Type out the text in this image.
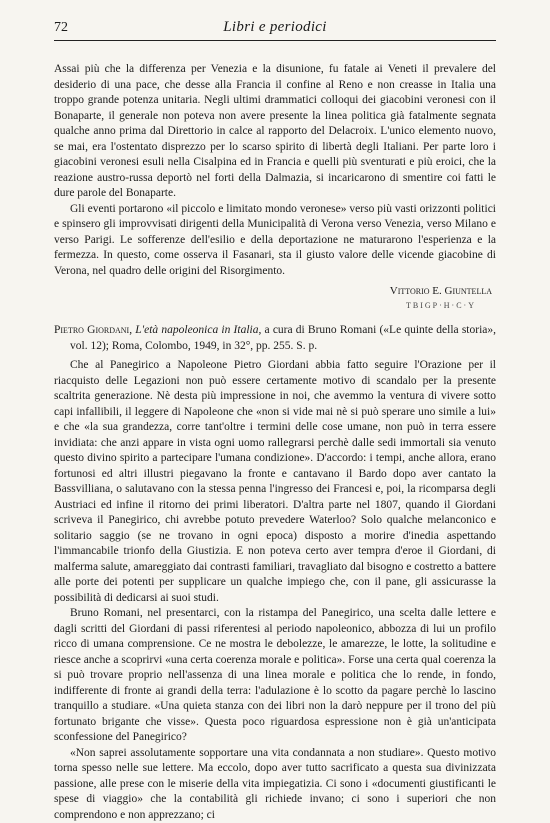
72	Libri e periodici

Assai più che la differenza per Venezia e la disunione, fu fatale ai Veneti il prevalere del desiderio di una pace, che desse alla Francia il confine al Reno e non creasse in Italia una troppo grande potenza unitaria. Negli ultimi drammatici colloqui dei giacobini veronesi con il Bonaparte, il generale non poteva non avere presente la linea politica già fatalmente segnata qualche anno prima dal Direttorio in calce al rapporto del Delacroix. L'unico elemento nuovo, se mai, era l'ostentato disprezzo per lo scarso spirito di libertà degli Italiani. Per parte loro i giacobini veronesi esuli nella Cisalpina ed in Francia e quelli più sventurati e più eroici, che la reazione austro-russa deportò nel forti della Dalmazia, si incaricarono di smentire coi fatti le dure parole del Bonaparte.

Gli eventi portarono «il piccolo e limitato mondo veronese» verso più vasti orizzonti politici e spinsero gli improvvisati dirigenti della Municipalità di Verona verso Venezia, verso Milano e verso Parigi. Le sofferenze dell'esilio e della deportazione ne maturarono l'esperienza e la fermezza. In questo, come osserva il Fasanari, sta il giusto valore delle vicende giacobine di Verona, nel quadro delle origini del Risorgimento.

Vittorio E. Giuntella

TBIGP·H·C·Y

Pietro Giordani, L'età napoleonica in Italia, a cura di Bruno Romani («Le quinte della storia», vol. 12); Roma, Colombo, 1949, in 32°, pp. 255. S. p.

Che al Panegirico a Napoleone Pietro Giordani abbia fatto seguire l'Orazione per il riacquisto delle Legazioni non può essere certamente motivo di scandalo per la presente scaltrita generazione. Nè desta più impressione in noi, che avemmo la ventura di vivere sotto capi infallibili, il leggere di Napoleone che «non si vide mai nè si può sperare uno simile a lui» e che «la sua grandezza, corre tant'oltre i termini delle cose umane, non può in terra essere invidiata: che anzi appare in vista ogni uomo rallegrarsi perchè dalle sedi immortali sia venuto questo divino spirito a partecipare l'umana condizione». D'accordo: i tempi, anche allora, erano fortunosi ed altri illustri piegavano la fronte e cantavano il Bardo dopo aver cantato la Bassvilliana, o salutavano con la stessa penna l'ingresso dei Francesi e, poi, la ricomparsa degli Austriaci ed infine il ritorno dei primi liberatori. D'altra parte nel 1807, quando il Giordani scriveva il Panegirico, chi avrebbe potuto prevedere Waterloo? Solo qualche melanconico e solitario saggio (se ne trovano in ogni epoca) disposto a morire d'inedia aspettando l'immancabile trionfo della Giustizia. E non poteva certo aver tempra d'eroe il Giordani, di malferma salute, amareggiato dai contrasti familiari, travagliato dal bisogno e costretto a battere alle porte dei potenti per supplicare un qualche impiego che, con il pane, gli assicurasse la possibilità di dedicarsi ai suoi studi.

Bruno Romani, nel presentarci, con la ristampa del Panegirico, una scelta dalle lettere e dagli scritti del Giordani di passi riferentesi al periodo napoleonico, abbozza di lui un profilo ricco di umana comprensione. Ce ne mostra le debolezze, le amarezze, le lotte, la solitudine e riesce anche a scoprirvi «una certa coerenza morale e politica». Forse una certa qual coerenza la si può trovare proprio nell'assenza di una linea morale e politica che lo rende, in fondo, indifferente di fronte ai grandi della terra: l'adulazione è lo scotto da pagare perchè lo lascino tranquillo a studiare. «Una quieta stanza con dei libri non la darò neppure per il trono del più fortunato brigante che visse». Questa poco riguardosa espressione non è già un'anticipata sconfessione del Panegirico?

«Non saprei assolutamente sopportare una vita condannata a non studiare». Questo motivo torna spesso nelle sue lettere. Ma eccolo, dopo aver tutto sacrificato a questa sua divinizzata passione, alle prese con le miserie della vita impiegatizia. Ci sono i «documenti giustificanti le spese di viaggio» che la contabilità gli richiede invano; ci sono i superiori che non comprendono e non apprezzano; ci
